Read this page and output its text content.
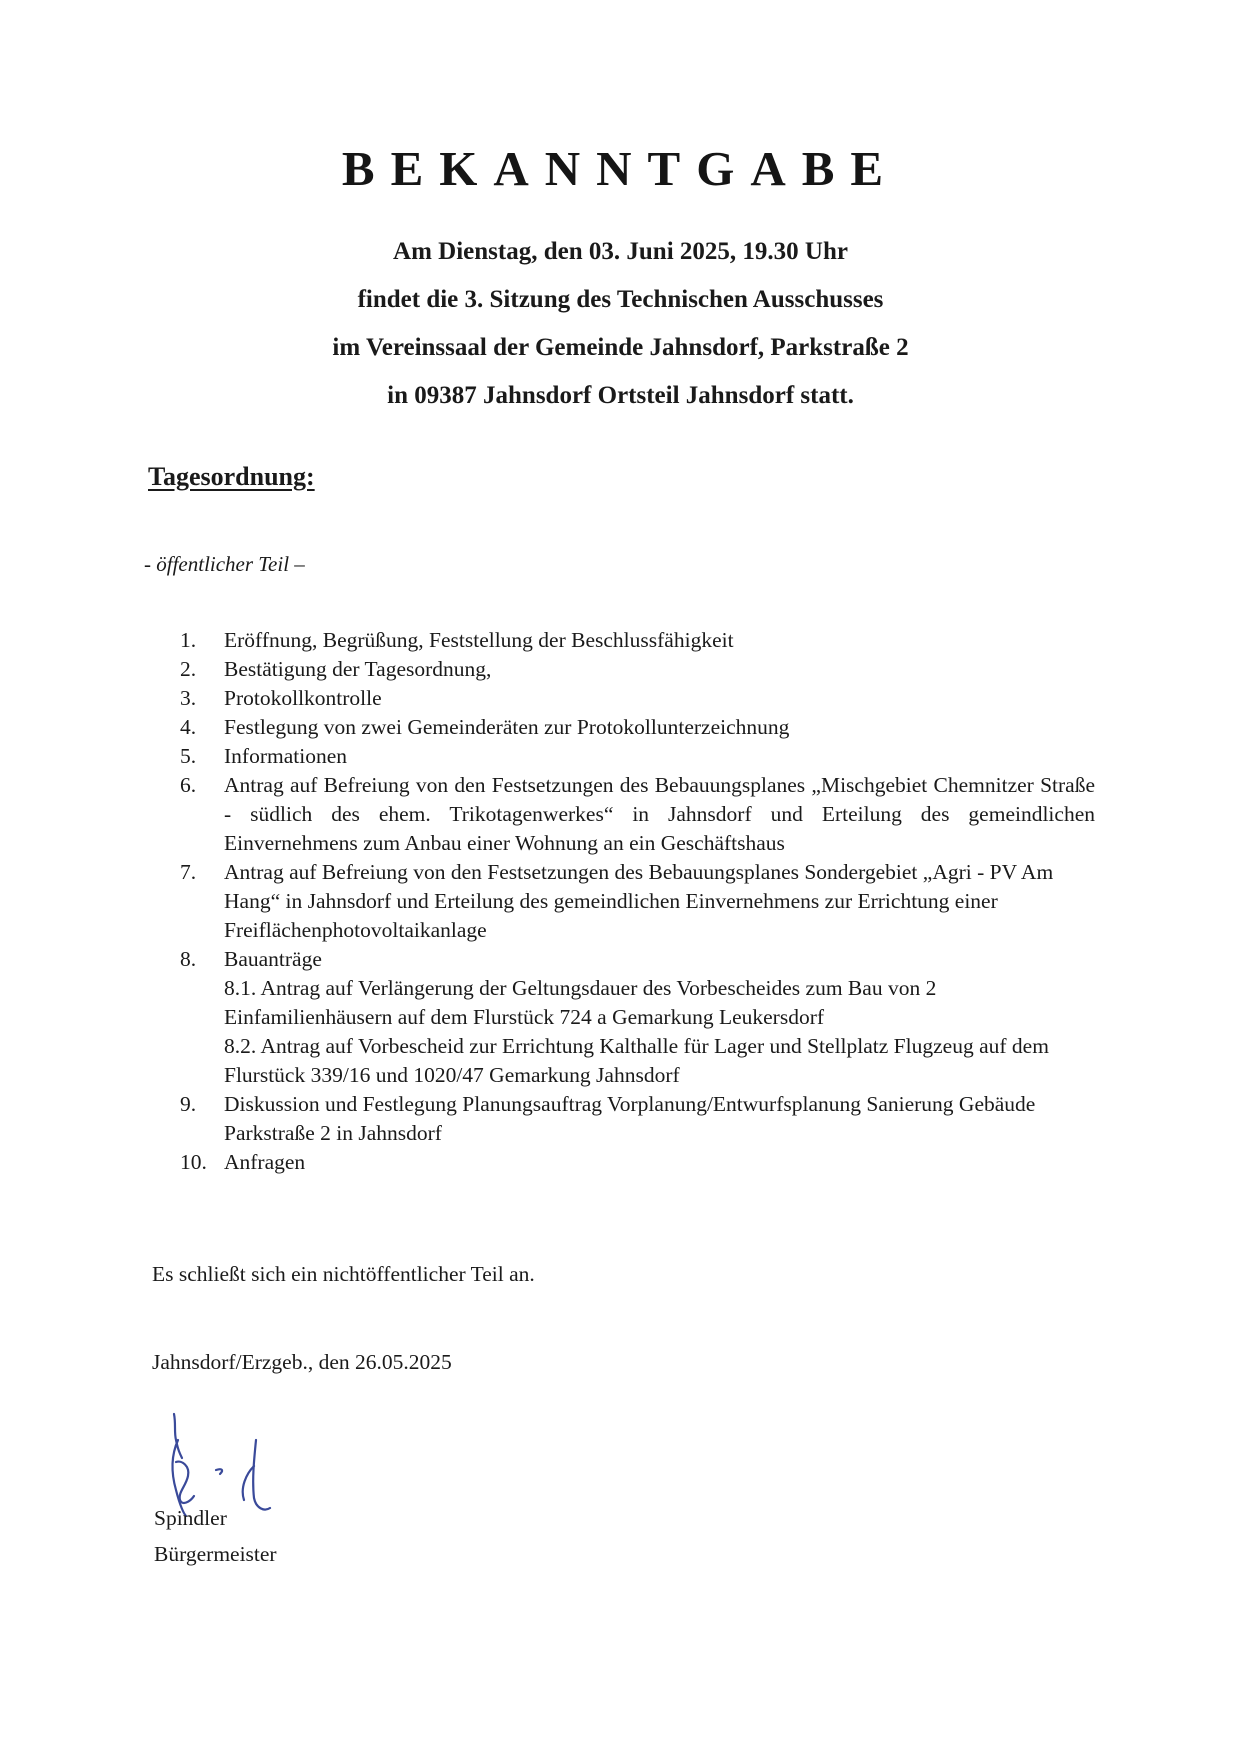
BEKANNTGABE
Am Dienstag, den 03. Juni 2025, 19.30 Uhr
findet die 3. Sitzung des Technischen Ausschusses
im Vereinssaal der Gemeinde Jahnsdorf, Parkstraße 2
in 09387 Jahnsdorf Ortsteil Jahnsdorf statt.
Tagesordnung:

- öffentlicher Teil –

1.	Eröffnung, Begrüßung, Feststellung der Beschlussfähigkeit
2.	Bestätigung der Tagesordnung,
3.	Protokollkontrolle
4.	Festlegung von zwei Gemeinderäten zur Protokollunterzeichnung
5.	Informationen
6.	Antrag auf Befreiung von den Festsetzungen des Bebauungsplanes „Mischgebiet Chemnitzer Straße - südlich des ehem. Trikotagenwerkes“ in Jahnsdorf und Erteilung des gemeindlichen Einvernehmens zum Anbau einer Wohnung an ein Geschäftshaus
7.	Antrag auf Befreiung von den Festsetzungen des Bebauungsplanes Sondergebiet „Agri - PV Am Hang“ in Jahnsdorf und Erteilung des gemeindlichen Einvernehmens zur Errichtung einer Freiflächenphotovoltaikanlage
8.	Bauanträge
8.1. Antrag auf Verlängerung der Geltungsdauer des Vorbescheides zum Bau von 2 Einfamilienhäusern auf dem Flurstück 724 a Gemarkung Leukersdorf
8.2. Antrag auf Vorbescheid zur Errichtung Kalthalle für Lager und Stellplatz Flugzeug auf dem Flurstück 339/16 und 1020/47 Gemarkung Jahnsdorf
9.	Diskussion und Festlegung Planungsauftrag Vorplanung/Entwurfsplanung Sanierung Gebäude Parkstraße 2 in Jahnsdorf
10. Anfragen

Es schließt sich ein nichtöffentlicher Teil an.

Jahnsdorf/Erzgeb., den 26.05.2025

Spindler

Bürgermeister
